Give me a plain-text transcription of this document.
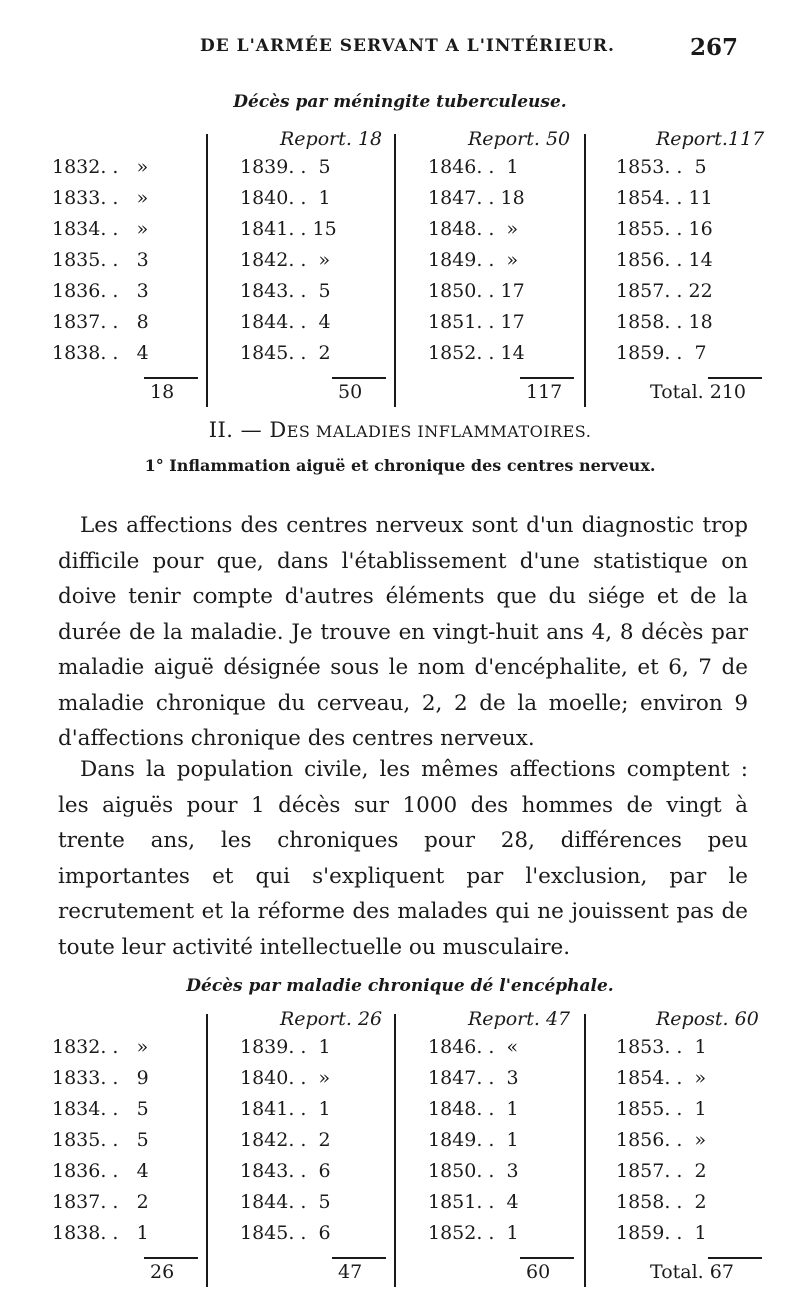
DE L'ARMÉE SERVANT A L'INTÉRIEUR.	267
Décès par méningite tuberculeuse.
1832. .   »
1833. .   »
1834. .   »
1835. .   3
1836. .   3
1837. .   8
1838. .   4
18
Report. 18
1839. .  5
1840. .  1
1841. . 15
1842. .  »
1843. .  5
1844. .  4
1845. .  2
50
Report. 50
1846. .  1
1847. . 18
1848. .  »
1849. .  »
1850. . 17
1851. . 17
1852. . 14
117
Report.117
1853. .  5
1854. . 11
1855. . 16
1856. . 14
1857. . 22
1858. . 18
1859. .  7
Total. 210
II. — DES MALADIES INFLAMMATOIRES.
1° Inflammation aiguë et chronique des centres nerveux.
Les affections des centres nerveux sont d'un diagnostic trop difficile pour que, dans l'établissement d'une statistique on doive tenir compte d'autres éléments que du siége et de la durée de la maladie. Je trouve en vingt-huit ans 4, 8 décès par maladie aiguë désignée sous le nom d'encéphalite, et 6, 7 de maladie chronique du cerveau, 2, 2 de la moelle; environ 9 d'affections chronique des centres nerveux.
Dans la population civile, les mêmes affections comptent : les aiguës pour 1 décès sur 1000 des hommes de vingt à trente ans, les chroniques pour 28, différences peu importantes et qui s'expliquent par l'exclusion, par le recrutement et la réforme des malades qui ne jouissent pas de toute leur activité intellectuelle ou musculaire.
Décès par maladie chronique dé l'encéphale.
1832. .   »
1833. .   9
1834. .   5
1835. .   5
1836. .   4
1837. .   2
1838. .   1
26
Report. 26
1839. .  1
1840. .  »
1841. .  1
1842. .  2
1843. .  6
1844. .  5
1845. .  6
47
Report. 47
1846. .  «
1847. .  3
1848. .  1
1849. .  1
1850. .  3
1851. .  4
1852. .  1
60
Repost. 60
1853. .  1
1854. .  »
1855. .  1
1856. .  »
1857. .  2
1858. .  2
1859. .  1
Total. 67
